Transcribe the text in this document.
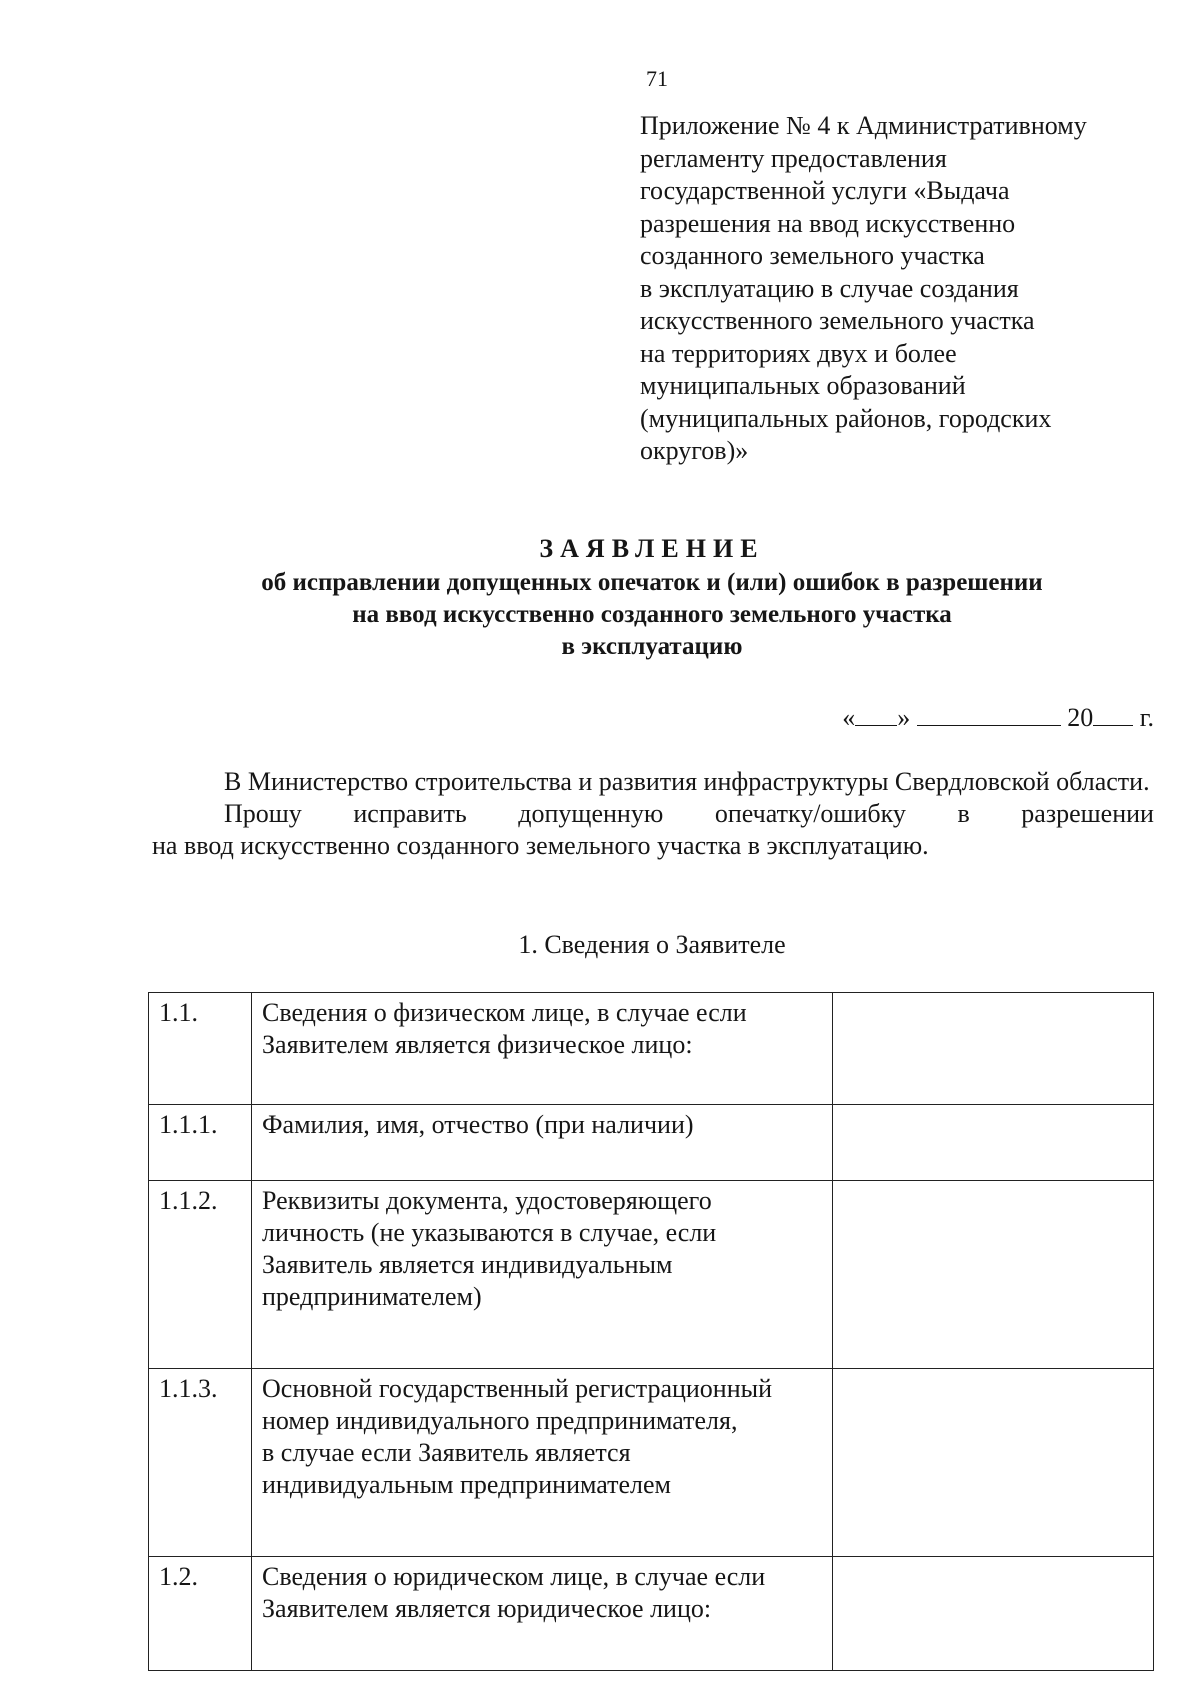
71
Приложение № 4 к Административному
регламенту предоставления
государственной услуги «Выдача
разрешения на ввод искусственно
созданного земельного участка
в эксплуатацию в случае создания
искусственного земельного участка
на территориях двух и более
муниципальных образований
(муниципальных районов, городских
округов)»
ЗАЯВЛЕНИЕ
об исправлении допущенных опечаток и (или) ошибок в разрешении
на ввод искусственно созданного земельного участка
в эксплуатацию
« »	20 г.
В Министерство строительства и развития инфраструктуры Свердловской области.
Прошу исправить допущенную опечатку/ошибку в разрешении
на ввод искусственно созданного земельного участка в эксплуатацию.
1. Сведения о Заявителе
1.1.	Сведения о физическом лице, в случае если
Заявителем является физическое лицо:	

1.1.1.	Фамилия, имя, отчество (при наличии)	

1.1.2.	Реквизиты документа, удостоверяющего
личность (не указываются в случае, если
Заявитель является индивидуальным
предпринимателем)	

1.1.3.	Основной государственный регистрационный
номер индивидуального предпринимателя,
в случае если Заявитель является
индивидуальным предпринимателем	

1.2.	Сведения о юридическом лице, в случае если
Заявителем является юридическое лицо:	
